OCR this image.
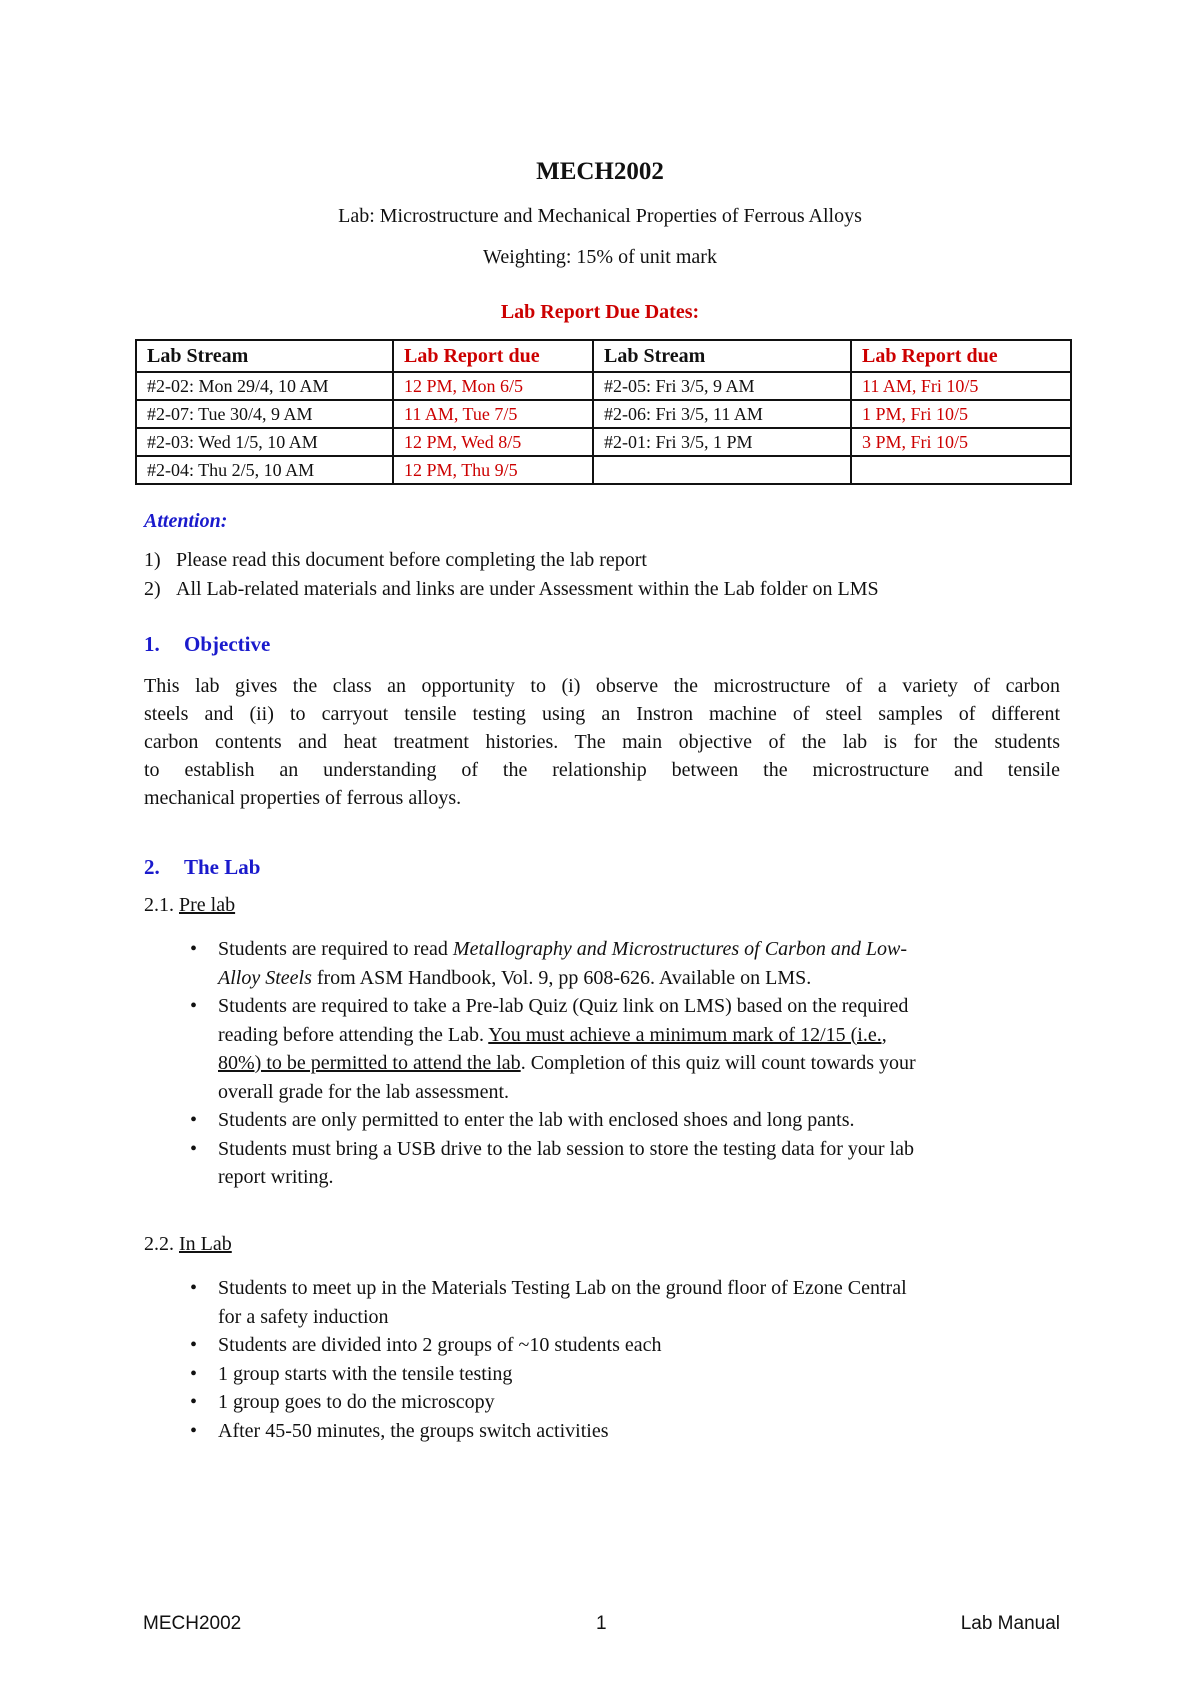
MECH2002
Lab: Microstructure and Mechanical Properties of Ferrous Alloys
Weighting: 15% of unit mark
Lab Report Due Dates:
Lab Stream	Lab Report due	Lab Stream	Lab Report due
#2-02: Mon 29/4, 10 AM	12 PM, Mon 6/5	#2-05: Fri 3/5, 9 AM	11 AM, Fri 10/5
#2-07: Tue 30/4, 9 AM	11 AM, Tue 7/5	#2-06: Fri 3/5, 11 AM	1 PM, Fri 10/5
#2-03: Wed 1/5, 10 AM	12 PM, Wed 8/5	#2-01: Fri 3/5, 1 PM	3 PM, Fri 10/5
#2-04: Thu 2/5, 10 AM	12 PM, Thu 9/5		
Attention:
1) Please read this document before completing the lab report
2) All Lab-related materials and links are under Assessment within the Lab folder on LMS
1. Objective
This lab gives the class an opportunity to (i) observe the microstructure of a variety of carbon
steels and (ii) to carryout tensile testing using an Instron machine of steel samples of different
carbon contents and heat treatment histories. The main objective of the lab is for the students
to establish an understanding of the relationship between the microstructure and tensile
mechanical properties of ferrous alloys.
2. The Lab
2.1. Pre lab
• Students are required to read Metallography and Microstructures of Carbon and Low-
Alloy Steels from ASM Handbook, Vol. 9, pp 608-626. Available on LMS.
• Students are required to take a Pre-lab Quiz (Quiz link on LMS) based on the required
reading before attending the Lab. You must achieve a minimum mark of 12/15 (i.e.,
80%) to be permitted to attend the lab. Completion of this quiz will count towards your
overall grade for the lab assessment.
• Students are only permitted to enter the lab with enclosed shoes and long pants.
• Students must bring a USB drive to the lab session to store the testing data for your lab
report writing.
2.2. In Lab
• Students to meet up in the Materials Testing Lab on the ground floor of Ezone Central
for a safety induction
• Students are divided into 2 groups of ~10 students each
• 1 group starts with the tensile testing
• 1 group goes to do the microscopy
• After 45-50 minutes, the groups switch activities
MECH2002	1	Lab Manual
